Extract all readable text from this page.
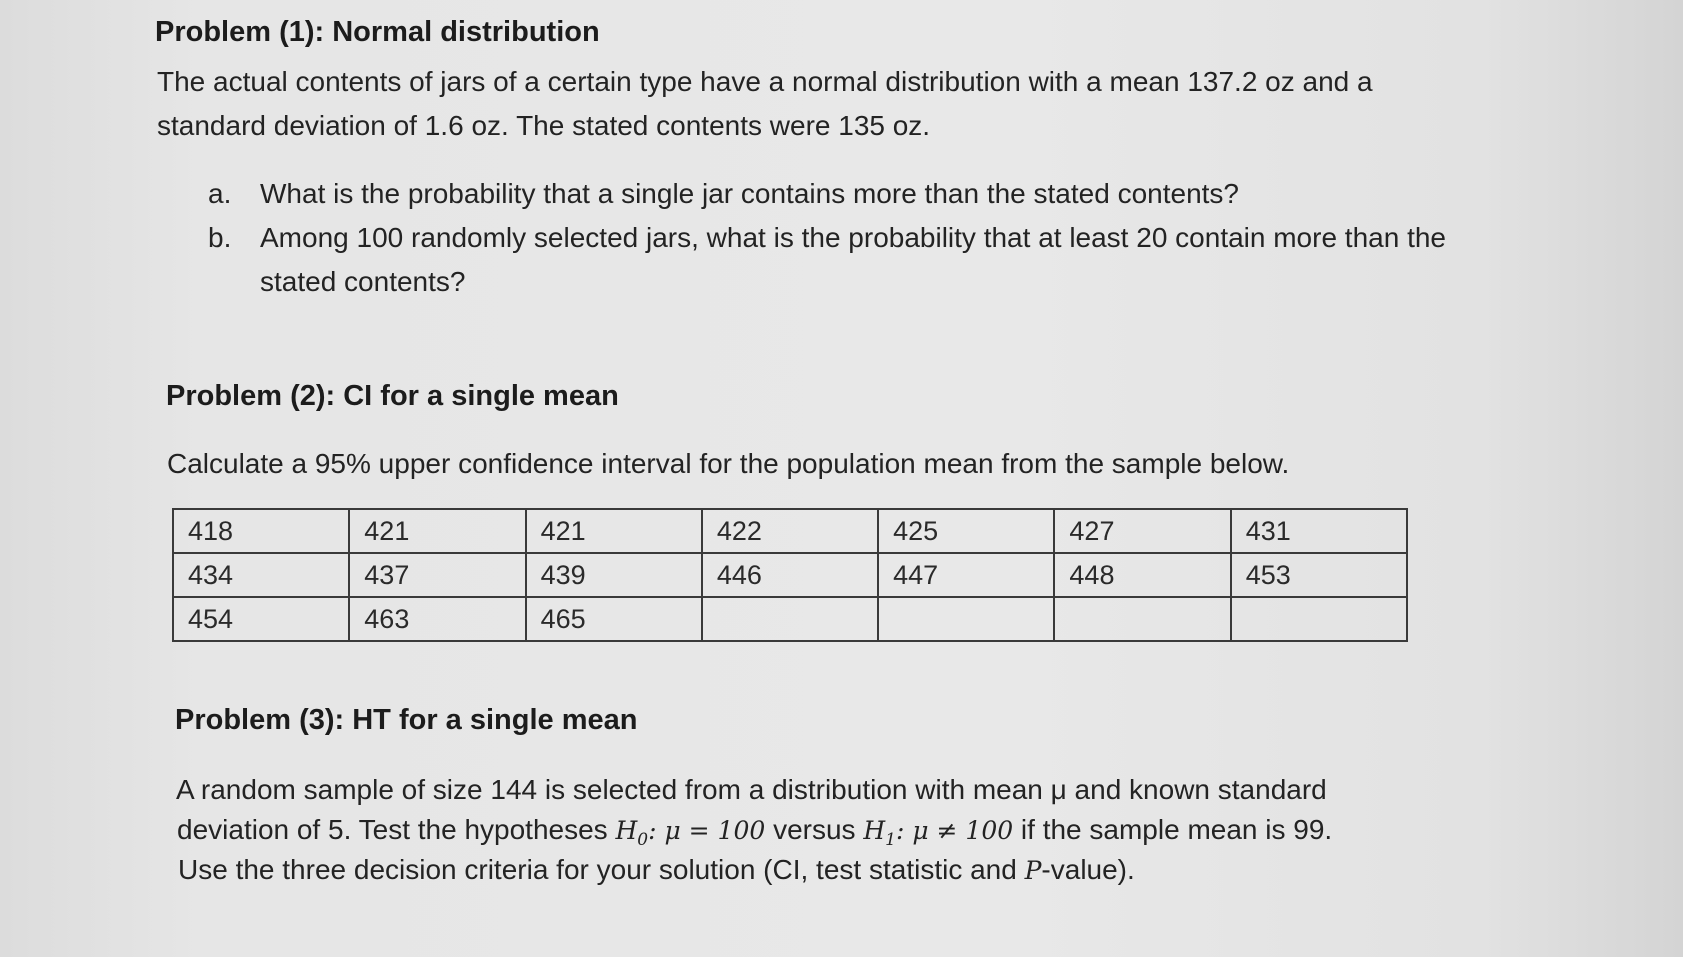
Problem (1): Normal distribution

The actual contents of jars of a certain type have a normal distribution with a mean 137.2 oz and a standard deviation of 1.6 oz. The stated contents were 135 oz.

a. What is the probability that a single jar contains more than the stated contents?
b. Among 100 randomly selected jars, what is the probability that at least 20 contain more than the stated contents?
Problem (2): CI for a single mean

Calculate a 95% upper confidence interval for the population mean from the sample below.

418	421	421	422	425	427	431
434	437	439	446	447	448	453
454	463	465				
Problem (3): HT for a single mean

A random sample of size 144 is selected from a distribution with mean μ and known standard

deviation of 5. Test the hypotheses $H_0$: μ = 100 versus $H_1$: μ ≠ 100 if the sample mean is 99.

Use the three decision criteria for your solution (CI, test statistic and P-value).
